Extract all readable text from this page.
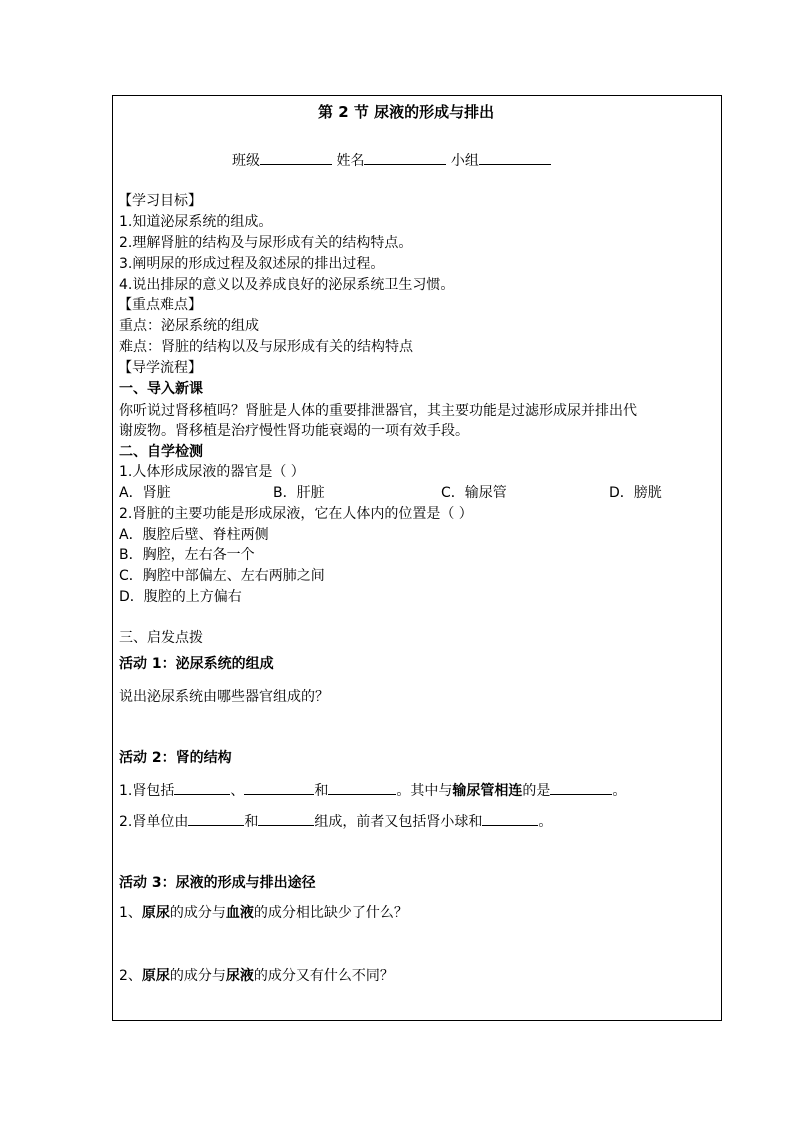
第 2 节 尿液的形成与排出
班级	姓名	小组
【学习目标】
1.知道泌尿系统的组成。
2.理解肾脏的结构及与尿形成有关的结构特点。
3.阐明尿的形成过程及叙述尿的排出过程。
4.说出排尿的意义以及养成良好的泌尿系统卫生习惯。
【重点难点】
重点：泌尿系统的组成
难点：肾脏的结构以及与尿形成有关的结构特点
【导学流程】
一、导入新课
你听说过肾移植吗？肾脏是人体的重要排泄器官，其主要功能是过滤形成尿并排出代
谢废物。肾移植是治疗慢性肾功能衰竭的一项有效手段。
二、自学检测
1.人体形成尿液的器官是（ ）
A．肾脏	B．肝脏	C．输尿管	D．膀胱
2.肾脏的主要功能是形成尿液，它在人体内的位置是（ ）
A．腹腔后壁、脊柱两侧
B．胸腔，左右各一个
C．胸腔中部偏左、左右两肺之间
D．腹腔的上方偏右
三、启发点拨
活动 1：泌尿系统的组成
说出泌尿系统由哪些器官组成的？
活动 2：肾的结构
1.肾包括	、	和	。其中与输尿管相连的是	。
2.肾单位由	和	组成，前者又包括肾小球和	。
活动 3：尿液的形成与排出途径
1、原尿的成分与血液的成分相比缺少了什么？
2、原尿的成分与尿液的成分又有什么不同？
